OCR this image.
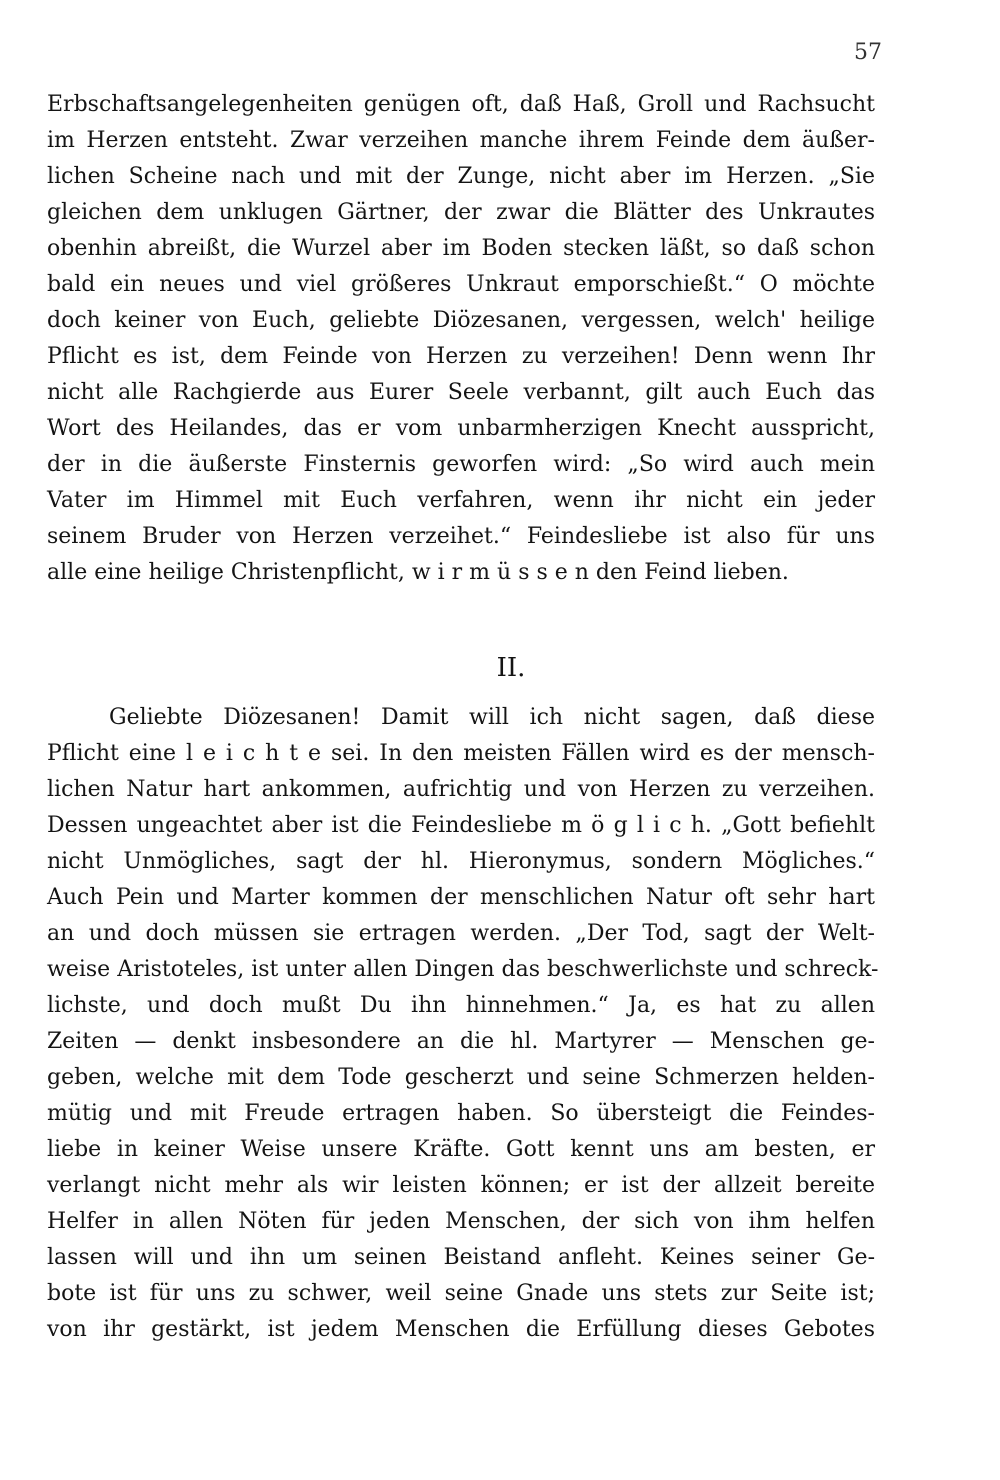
57
Erbschaftsangelegenheiten genügen oft, daß Haß, Groll und Rachsucht
im Herzen entsteht. Zwar verzeihen manche ihrem Feinde dem äußer-
lichen Scheine nach und mit der Zunge, nicht aber im Herzen. „Sie
gleichen dem unklugen Gärtner, der zwar die Blätter des Unkrautes
obenhin abreißt, die Wurzel aber im Boden stecken läßt, so daß schon
bald ein neues und viel größeres Unkraut emporschießt.“ O möchte
doch keiner von Euch, geliebte Diözesanen, vergessen, welch' heilige
Pflicht es ist, dem Feinde von Herzen zu verzeihen! Denn wenn Ihr
nicht alle Rachgierde aus Eurer Seele verbannt, gilt auch Euch das
Wort des Heilandes, das er vom unbarmherzigen Knecht ausspricht,
der in die äußerste Finsternis geworfen wird: „So wird auch mein
Vater im Himmel mit Euch verfahren, wenn ihr nicht ein jeder
seinem Bruder von Herzen verzeihet.“ Feindesliebe ist also für uns
alle eine heilige Christenpflicht, w i r m ü s s e n den Feind lieben.
II.
Geliebte Diözesanen! Damit will ich nicht sagen, daß diese
Pflicht eine l e i c h t e sei. In den meisten Fällen wird es der mensch-
lichen Natur hart ankommen, aufrichtig und von Herzen zu verzeihen.
Dessen ungeachtet aber ist die Feindesliebe m ö g l i c h. „Gott befiehlt
nicht Unmögliches, sagt der hl. Hieronymus, sondern Mögliches.“
Auch Pein und Marter kommen der menschlichen Natur oft sehr hart
an und doch müssen sie ertragen werden. „Der Tod, sagt der Welt-
weise Aristoteles, ist unter allen Dingen das beschwerlichste und schreck-
lichste, und doch mußt Du ihn hinnehmen.“ Ja, es hat zu allen
Zeiten — denkt insbesondere an die hl. Martyrer — Menschen ge-
geben, welche mit dem Tode gescherzt und seine Schmerzen helden-
mütig und mit Freude ertragen haben. So übersteigt die Feindes-
liebe in keiner Weise unsere Kräfte. Gott kennt uns am besten, er
verlangt nicht mehr als wir leisten können; er ist der allzeit bereite
Helfer in allen Nöten für jeden Menschen, der sich von ihm helfen
lassen will und ihn um seinen Beistand anfleht. Keines seiner Ge-
bote ist für uns zu schwer, weil seine Gnade uns stets zur Seite ist;
von ihr gestärkt, ist jedem Menschen die Erfüllung dieses Gebotes
